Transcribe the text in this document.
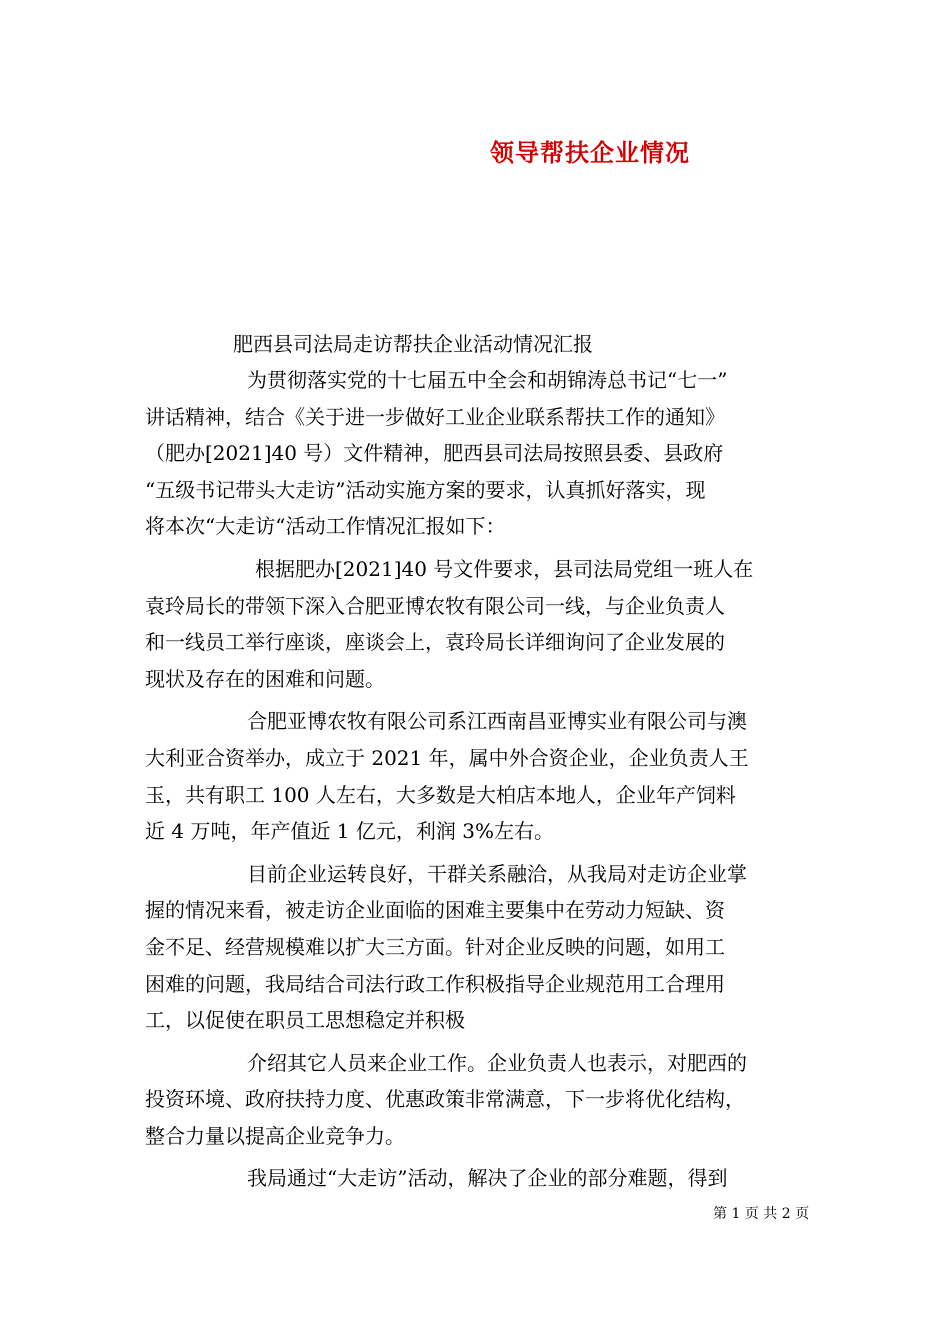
领导帮扶企业情况
肥西县司法局走访帮扶企业活动情况汇报
为贯彻落实党的十七届五中全会和胡锦涛总书记“七一”
讲话精神，结合《关于进一步做好工业企业联系帮扶工作的通知》
（肥办[2021]40 号）文件精神，肥西县司法局按照县委、县政府
“五级书记带头大走访”活动实施方案的要求，认真抓好落实，现
将本次“大走访“活动工作情况汇报如下：
根据肥办[2021]40 号文件要求，县司法局党组一班人在
袁玲局长的带领下深入合肥亚博农牧有限公司一线，与企业负责人
和一线员工举行座谈，座谈会上，袁玲局长详细询问了企业发展的
现状及存在的困难和问题。
合肥亚博农牧有限公司系江西南昌亚博实业有限公司与澳
大利亚合资举办，成立于 2021 年，属中外合资企业，企业负责人王
玉，共有职工 100 人左右，大多数是大柏店本地人，企业年产饲料
近 4 万吨，年产值近 1 亿元，利润 3%左右。
目前企业运转良好，干群关系融洽，从我局对走访企业掌
握的情况来看，被走访企业面临的困难主要集中在劳动力短缺、资
金不足、经营规模难以扩大三方面。针对企业反映的问题，如用工
困难的问题，我局结合司法行政工作积极指导企业规范用工合理用
工，以促使在职员工思想稳定并积极
介绍其它人员来企业工作。企业负责人也表示，对肥西的
投资环境、政府扶持力度、优惠政策非常满意，下一步将优化结构，
整合力量以提高企业竞争力。
我局通过“大走访”活动，解决了企业的部分难题，得到
第 1 页 共 2 页
